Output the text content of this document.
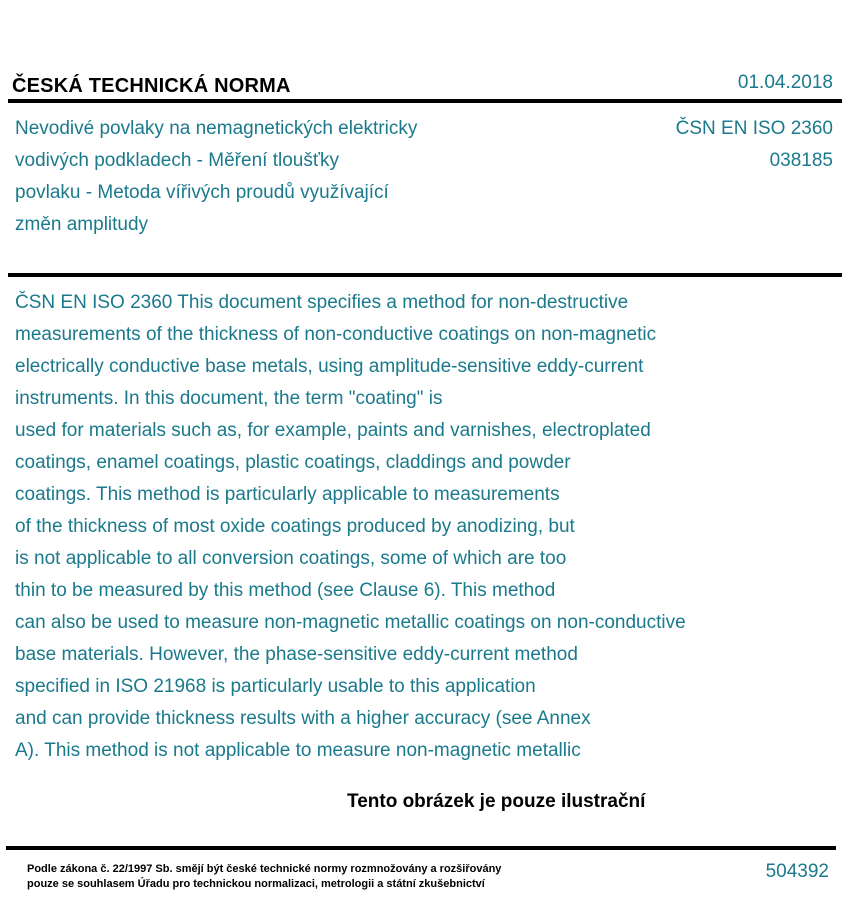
ČESKÁ TECHNICKÁ NORMA	01.04.2018
Nevodivé povlaky na nemagnetických elektricky
vodivých podkladech - Měření tloušťky
povlaku - Metoda vířivých proudů využívající
změn amplitudy
ČSN EN ISO 2360
038185

ČSN EN ISO 2360 This document specifies a method for non-destructive
measurements of the thickness of non-conductive coatings on non-magnetic
electrically conductive base metals, using amplitude-sensitive eddy-current
instruments. In this document, the term "coating" is
used for materials such as, for example, paints and varnishes, electroplated
coatings, enamel coatings, plastic coatings, claddings and powder
coatings. This method is particularly applicable to measurements
of the thickness of most oxide coatings produced by anodizing, but
is not applicable to all conversion coatings, some of which are too
thin to be measured by this method (see Clause 6). This method
can also be used to measure non-magnetic metallic coatings on non-conductive
base materials. However, the phase-sensitive eddy-current method
specified in ISO 21968 is particularly usable to this application
and can provide thickness results with a higher accuracy (see Annex
A). This method is not applicable to measure non-magnetic metallic

Tento obrázek je pouze ilustrační
Podle zákona č. 22/1997 Sb. smějí být české technické normy rozmnožovány a rozšiřovány
pouze se souhlasem Úřadu pro technickou normalizaci, metrologii a státní zkušebnictví
504392
